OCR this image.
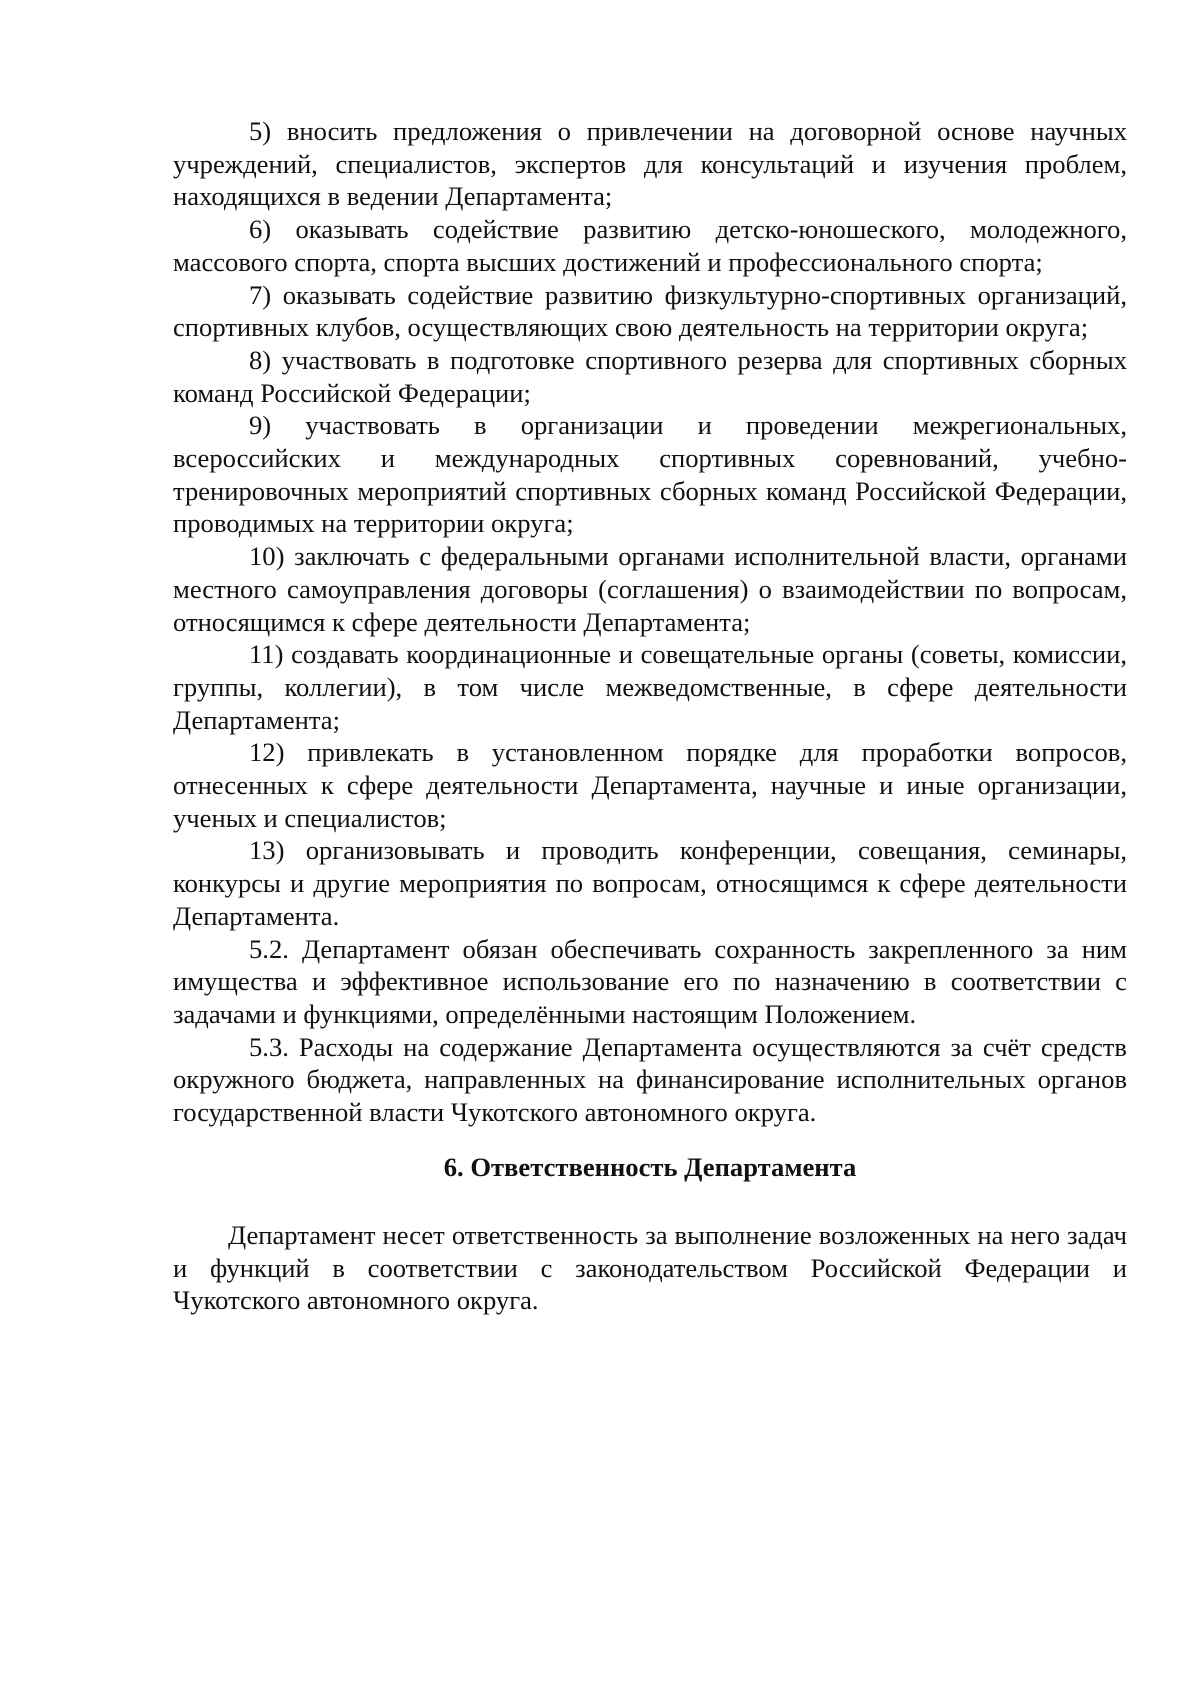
5) вносить предложения о привлечении на договорной основе научных учреждений, специалистов, экспертов для консультаций и изучения проблем, находящихся в ведении Департамента;

6) оказывать содействие развитию детско-юношеского, молодежного, массового спорта, спорта высших достижений и профессионального спорта;

7) оказывать содействие развитию физкультурно-спортивных организаций, спортивных клубов, осуществляющих свою деятельность на территории округа;

8) участвовать в подготовке спортивного резерва для спортивных сборных команд Российской Федерации;

9) участвовать в организации и проведении межрегиональных, всероссийских и международных спортивных соревнований, учебно-тренировочных мероприятий спортивных сборных команд Российской Федерации, проводимых на территории округа;

10) заключать с федеральными органами исполнительной власти, органами местного самоуправления договоры (соглашения) о взаимодействии по вопросам, относящимся к сфере деятельности Департамента;

11) создавать координационные и совещательные органы (советы, комиссии, группы, коллегии), в том числе межведомственные, в сфере деятельности Департамента;

12) привлекать в установленном порядке для проработки вопросов, отнесенных к сфере деятельности Департамента, научные и иные организации, ученых и специалистов;

13) организовывать и проводить конференции, совещания, семинары, конкурсы и другие мероприятия по вопросам, относящимся к сфере деятельности Департамента.

5.2. Департамент обязан обеспечивать сохранность закрепленного за ним имущества и эффективное использование его по назначению в соответствии с задачами и функциями, определёнными настоящим Положением.

5.3. Расходы на содержание Департамента осуществляются за счёт средств окружного бюджета, направленных на финансирование исполнительных органов государственной власти Чукотского автономного округа.

6. Ответственность Департамента

Департамент несет ответственность за выполнение возложенных на него задач и функций в соответствии с законодательством Российской Федерации и Чукотского автономного округа.
